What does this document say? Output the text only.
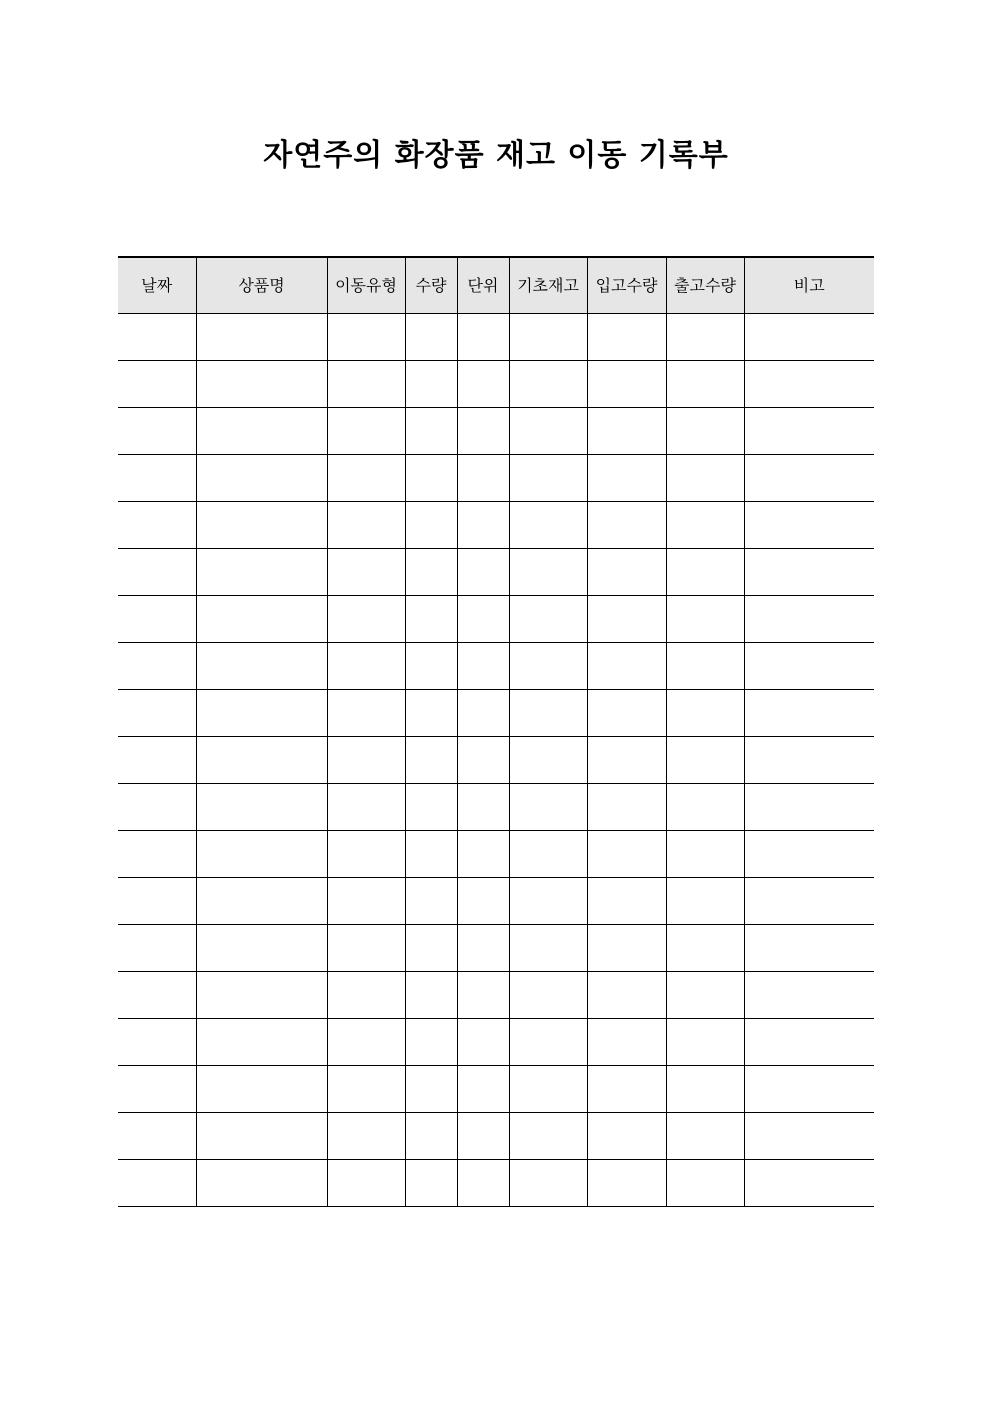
자연주의 화장품 재고 이동 기록부
날짜	상품명	이동유형	수량	단위	기초재고	입고수량	출고수량	비고
